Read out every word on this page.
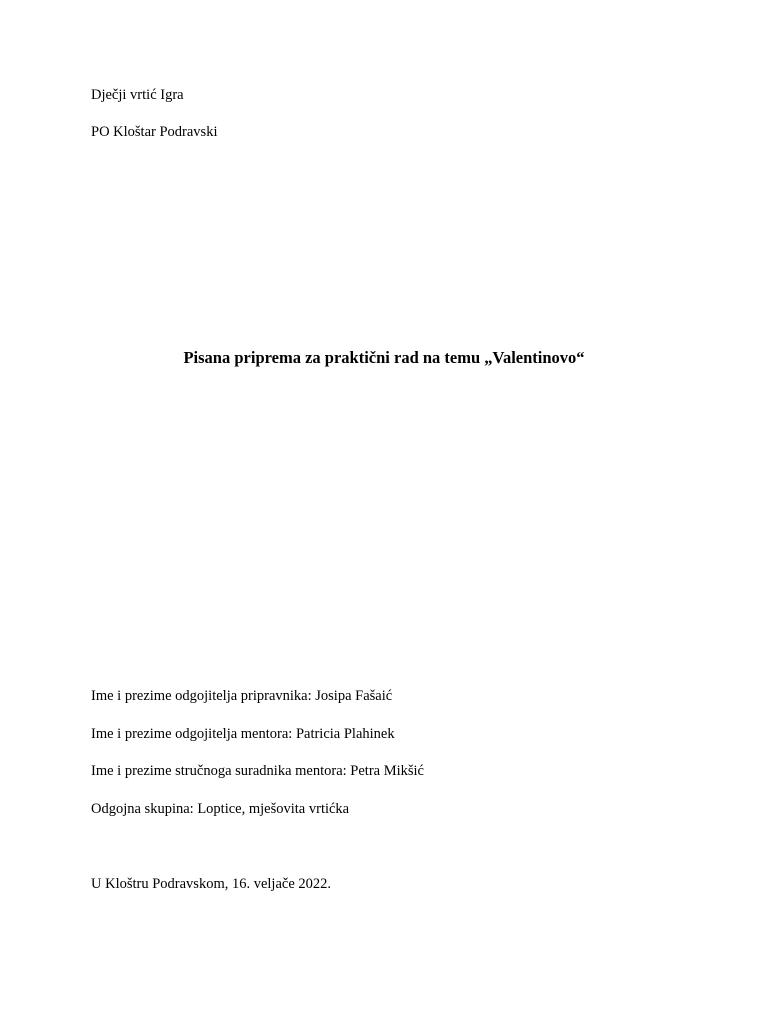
Dječji vrtić Igra
PO Kloštar Podravski
Pisana priprema za praktični rad na temu „Valentinovo“
Ime i prezime odgojitelja pripravnika: Josipa Fašaić
Ime i prezime odgojitelja mentora: Patricia Plahinek
Ime i prezime stručnoga suradnika mentora: Petra Mikšić
Odgojna skupina: Loptice, mješovita vrtićka
U Kloštru Podravskom, 16. veljače 2022.
